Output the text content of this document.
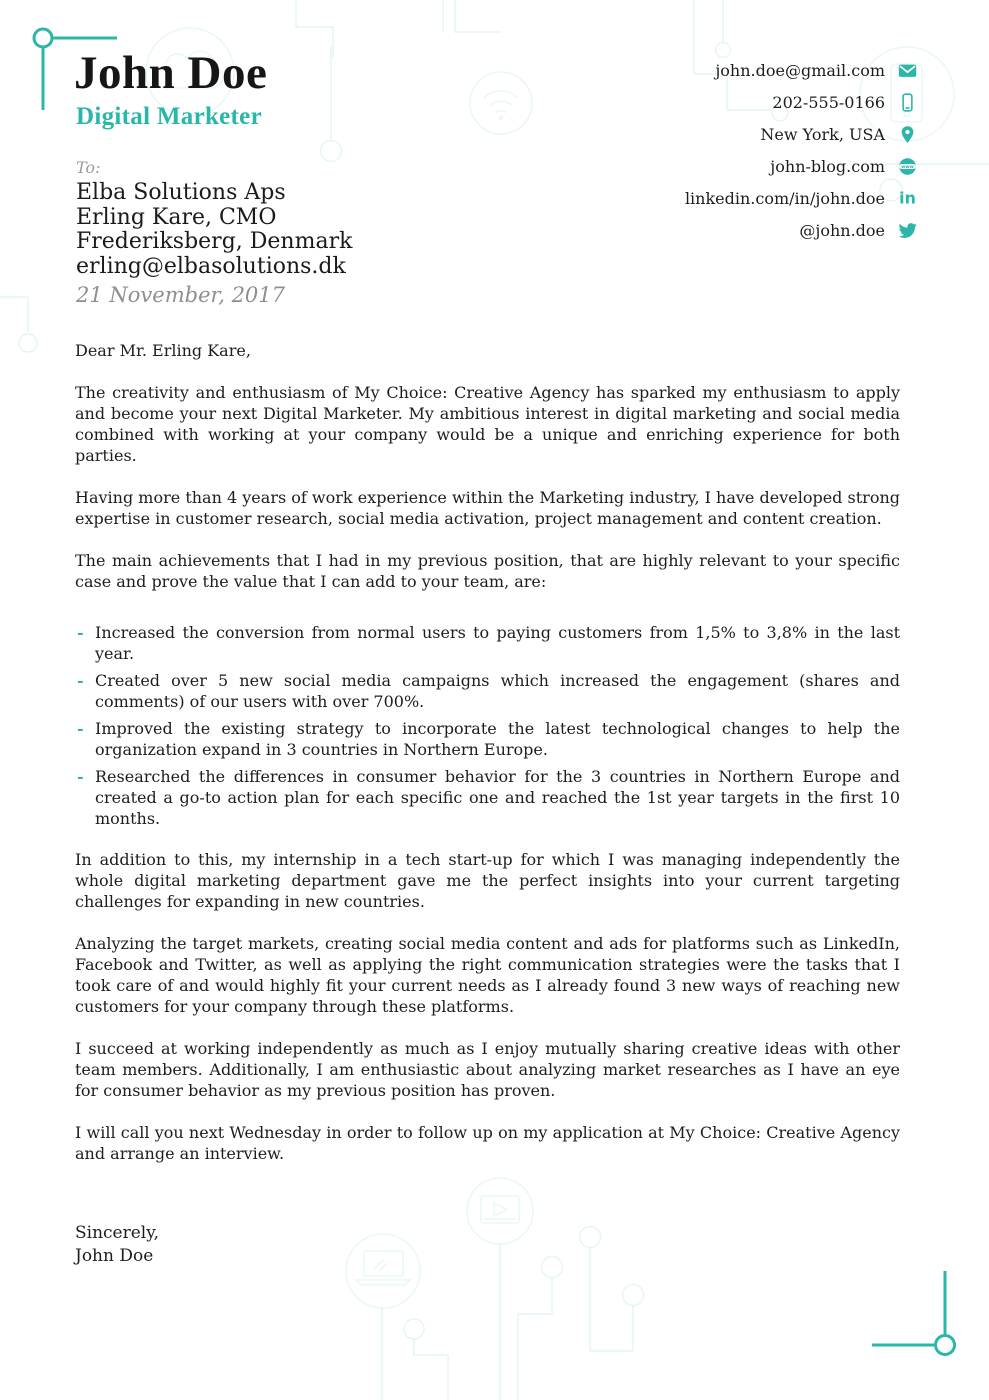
John Doe
Digital Marketer
john.doe@gmail.com
202-555-0166
New York, USA
john-blog.com	www
linkedin.com/in/john.doe in
@john.doe
To:
Elba Solutions Aps
Erling Kare, CMO
Frederiksberg, Denmark
erling@elbasolutions.dk
21 November, 2017

Dear Mr. Erling Kare,

The creativity and enthusiasm of My Choice: Creative Agency has sparked my enthusiasm to apply and become your next Digital Marketer. My ambitious interest in digital marketing and social media combined with working at your company would be a unique and enriching experience for both parties.

Having more than 4 years of work experience within the Marketing industry, I have developed strong expertise in customer research, social media activation, project management and content creation.

The main achievements that I had in my previous position, that are highly relevant to your specific case and prove the value that I can add to your team, are:

- Increased the conversion from normal users to paying customers from 1,5% to 3,8% in the last year.
- Created over 5 new social media campaigns which increased the engagement (shares and comments) of our users with over 700%.
- Improved the existing strategy to incorporate the latest technological changes to help the organization expand in 3 countries in Northern Europe.
- Researched the differences in consumer behavior for the 3 countries in Northern Europe and created a go-to action plan for each specific one and reached the 1st year targets in the first 10 months.

In addition to this, my internship in a tech start-up for which I was managing independently the whole digital marketing department gave me the perfect insights into your current targeting challenges for expanding in new countries.

Analyzing the target markets, creating social media content and ads for platforms such as LinkedIn, Facebook and Twitter, as well as applying the right communication strategies were the tasks that I took care of and would highly fit your current needs as I already found 3 new ways of reaching new customers for your company through these platforms.

I succeed at working independently as much as I enjoy mutually sharing creative ideas with other team members. Additionally, I am enthusiastic about analyzing market researches as I have an eye for consumer behavior as my previous position has proven.

I will call you next Wednesday in order to follow up on my application at My Choice: Creative Agency and arrange an interview.

Sincerely,
John Doe
